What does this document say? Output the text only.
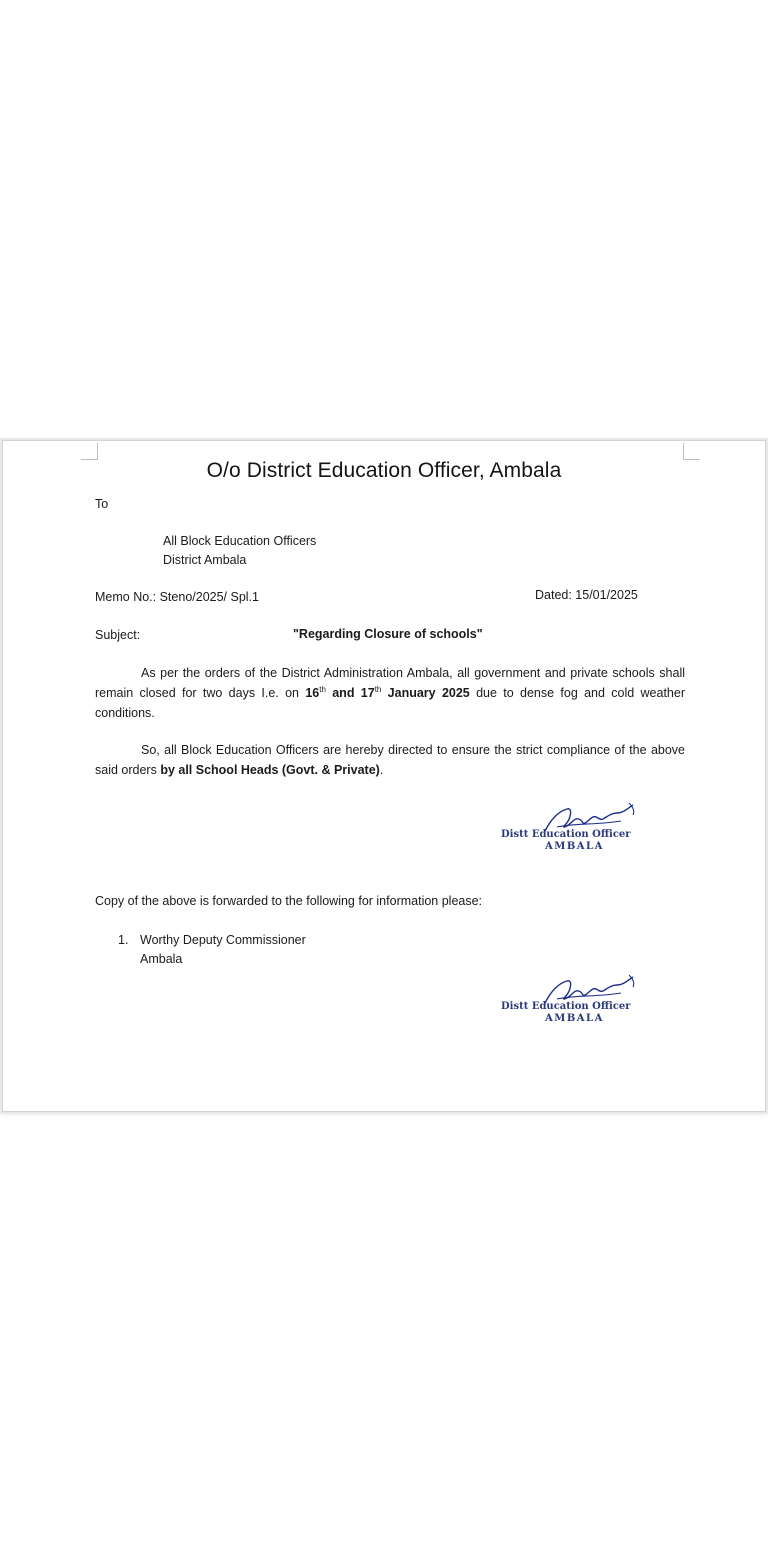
O/o District Education Officer, Ambala
To
All Block Education Officers
District Ambala
Memo No.: Steno/2025/ Spl.1	Dated: 15/01/2025
Subject:	"Regarding Closure of schools"
As per the orders of the District Administration Ambala, all government and private schools shall remain closed for two days I.e. on 16th and 17th January 2025 due to dense fog and cold weather conditions.
So, all Block Education Officers are hereby directed to ensure the strict compliance of the above said orders by all School Heads (Govt. & Private).
Distt Education Officer
AMBALA
Copy of the above is forwarded to the following for information please:
1. Worthy Deputy Commissioner
Ambala
Distt Education Officer
AMBALA
